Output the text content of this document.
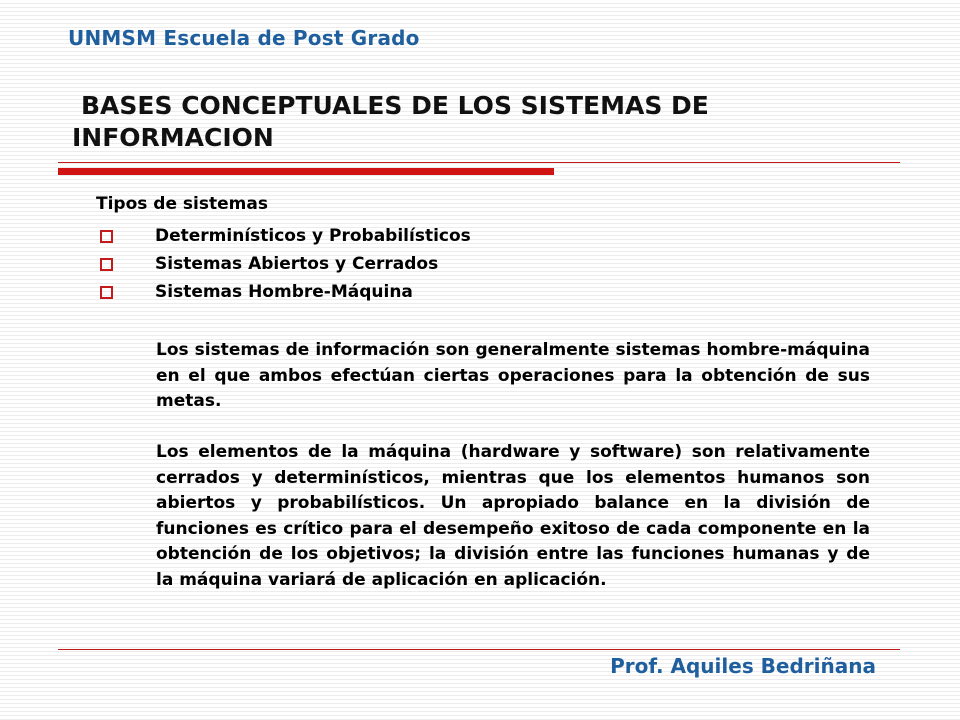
UNMSM Escuela de Post Grado
BASES CONCEPTUALES DE LOS SISTEMAS DE INFORMACION
Tipos de sistemas
Determinísticos y Probabilísticos
Sistemas Abiertos y Cerrados
Sistemas Hombre-Máquina

Los sistemas de información son generalmente sistemas hombre-máquina en el que ambos efectúan ciertas operaciones para la obtención de sus metas.

Los elementos de la máquina (hardware y software) son relativamente cerrados y determinísticos, mientras que los elementos humanos son abiertos y probabilísticos. Un apropiado balance en la división de funciones es crítico para el desempeño exitoso de cada componente en la obtención de los objetivos; la división entre las funciones humanas y de la máquina variará de aplicación en aplicación.

Prof. Aquiles Bedriñana
